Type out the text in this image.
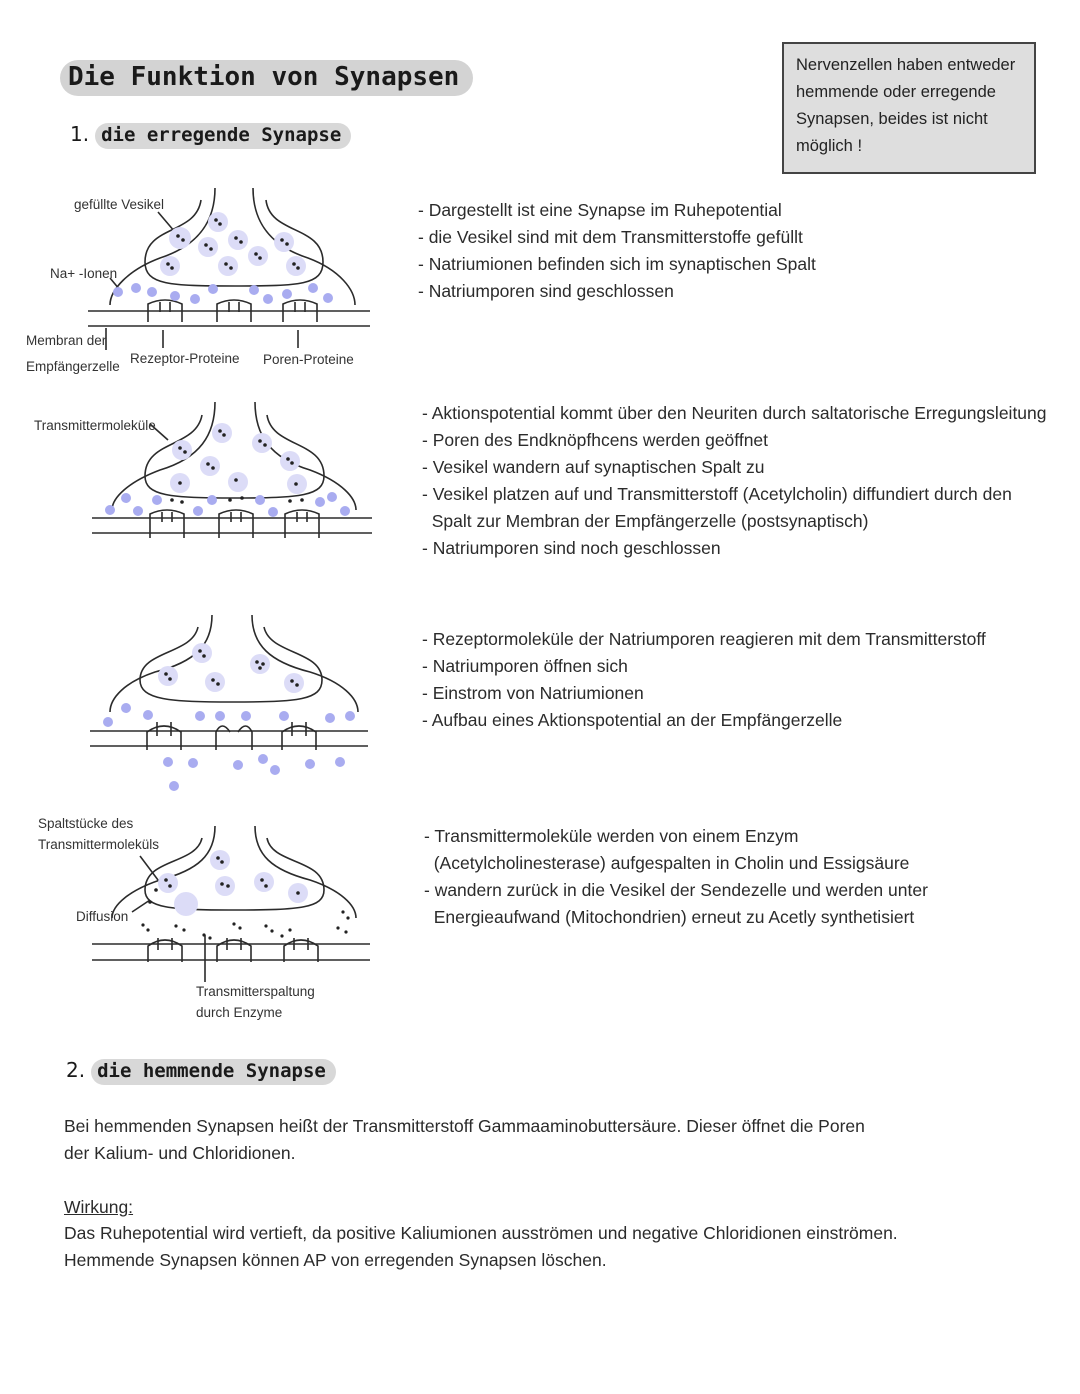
Die Funktion von Synapsen	Nervenzellen haben entweder hemmende oder erregende Synapsen, beides ist nicht möglich !
1. die erregende Synapse
gefüllte Vesikel
Na+ -Ionen
Membran der
Empfängerzelle
Rezeptor-Proteine Poren-Proteine
- Dargestellt ist eine Synapse im Ruhepotential
- die Vesikel sind mit dem Transmitterstoffe gefüllt
- Natriumionen befinden sich im synaptischen Spalt
- Natriumporen sind geschlossen
Transmittermoleküle
- Aktionspotential kommt über den Neuriten durch saltatorische Erregungsleitung
- Poren des Endknöpfhcens werden geöffnet
- Vesikel wandern auf synaptischen Spalt zu
- Vesikel platzen auf und Transmitterstoff (Acetylcholin) diffundiert durch den
Spalt zur Membran der Empfängerzelle (postsynaptisch)
- Natriumporen sind noch geschlossen
- Rezeptormoleküle der Natriumporen reagieren mit dem Transmitterstoff
- Natriumporen öffnen sich
- Einstrom von Natriumionen
- Aufbau eines Aktionspotential an der Empfängerzelle
Spaltstücke des
Transmittermoleküls
Diffusion
Transmitterspaltung
durch Enzyme
- Transmittermoleküle werden von einem Enzym
(Acetylcholinesterase) aufgespalten in Cholin und Essigsäure
- wandern zurück in die Vesikel der Sendezelle und werden unter
Energieaufwand (Mitochondrien) erneut zu Acetly synthetisiert
2. die hemmende Synapse
Bei hemmenden Synapsen heißt der Transmitterstoff Gammaaminobuttersäure. Dieser öffnet die Poren
der Kalium- und Chloridionen.
Wirkung:
Das Ruhepotential wird vertieft, da positive Kaliumionen ausströmen und negative Chloridionen einströmen.
Hemmende Synapsen können AP von erregenden Synapsen löschen.
